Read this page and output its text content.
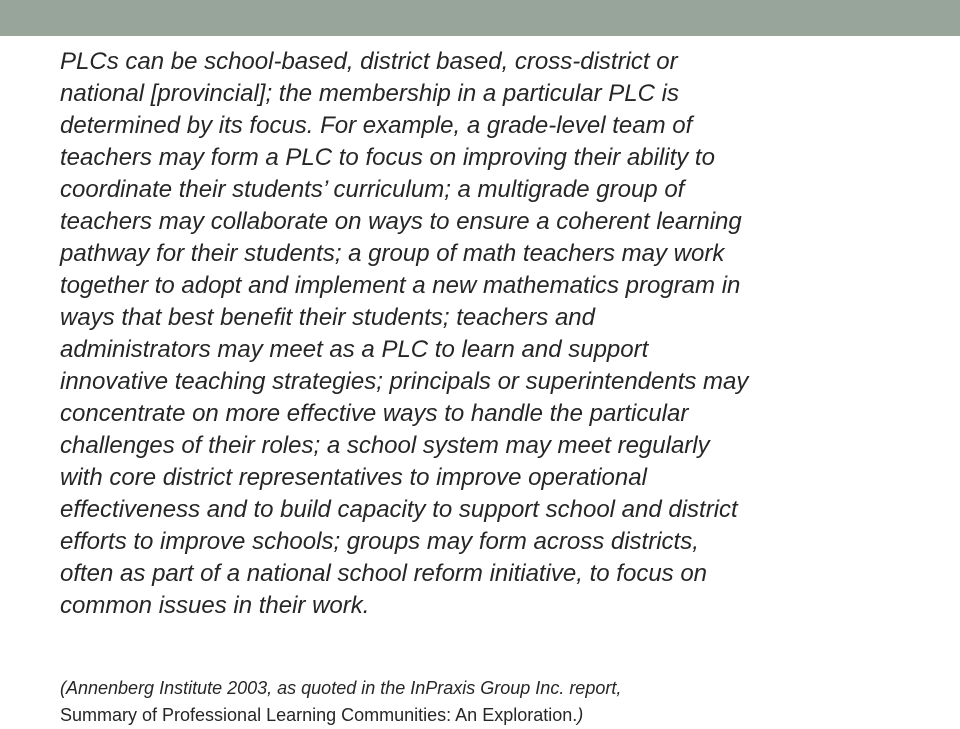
PLCs can be school-based, district based, cross-district or
national [provincial]; the membership in a particular PLC is
determined by its focus. For example, a grade-level team of
teachers may form a PLC to focus on improving their ability to
coordinate their students’ curriculum; a multigrade group of
teachers may collaborate on ways to ensure a coherent learning
pathway for their students; a group of math teachers may work
together to adopt and implement a new mathematics program in
ways that best benefit their students; teachers and
administrators may meet as a PLC to learn and support
innovative teaching strategies; principals or superintendents may
concentrate on more effective ways to handle the particular
challenges of their roles; a school system may meet regularly
with core district representatives to improve operational
effectiveness and to build capacity to support school and district
efforts to improve schools; groups may form across districts,
often as part of a national school reform initiative, to focus on
common issues in their work.

(Annenberg Institute 2003, as quoted in the InPraxis Group Inc. report,
Summary of Professional Learning Communities: An Exploration.)
